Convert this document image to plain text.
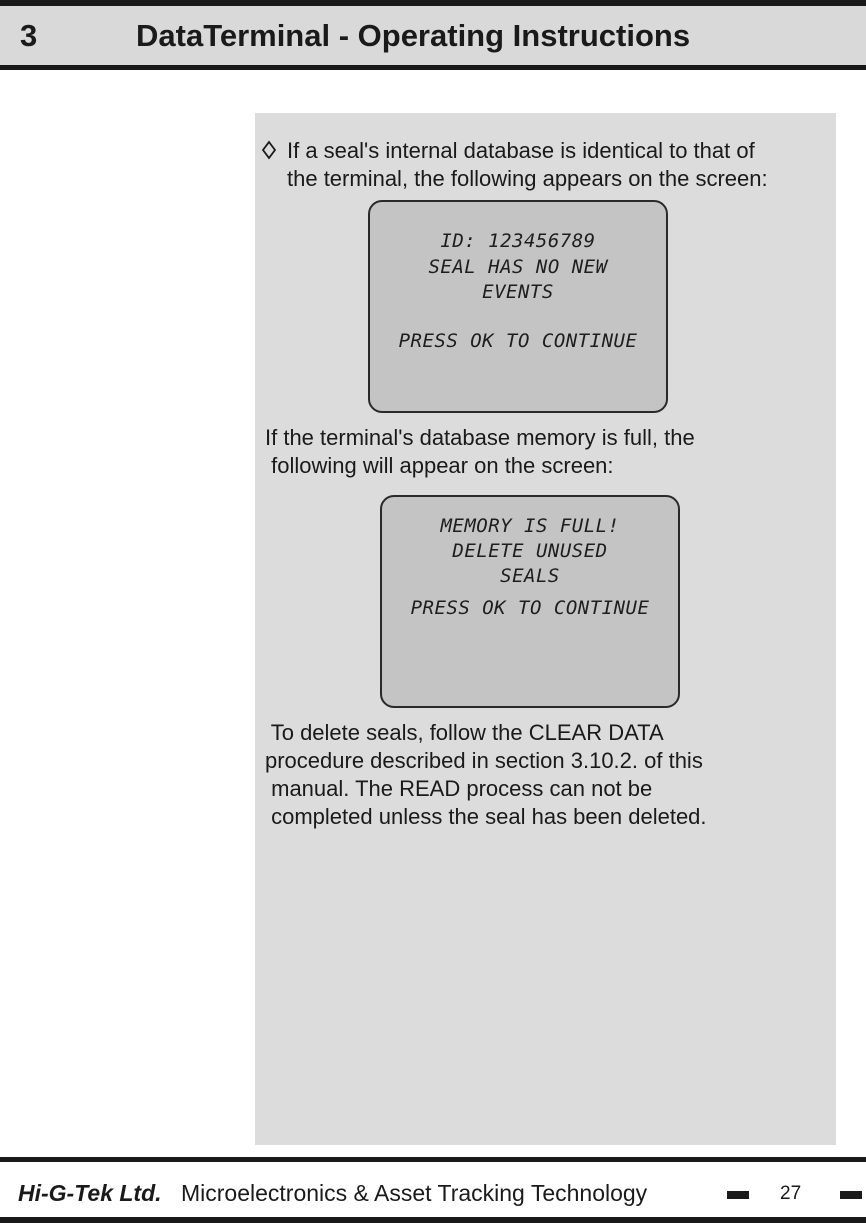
3	DataTerminal - Operating Instructions
If a seal's internal database is identical to that of
the terminal, the following appears on the screen:
ID: 123456789
SEAL HAS NO NEW
EVENTS
PRESS OK TO CONTINUE
If the terminal's database memory is full, the
following will appear on the screen:
MEMORY IS FULL!
DELETE UNUSED
SEALS
PRESS OK TO CONTINUE
To delete seals, follow the CLEAR DATA
procedure described in section 3.10.2. of this
manual. The READ process can not be
completed unless the seal has been deleted.
Hi-G-Tek Ltd. Microelectronics & Asset Tracking Technology	27
